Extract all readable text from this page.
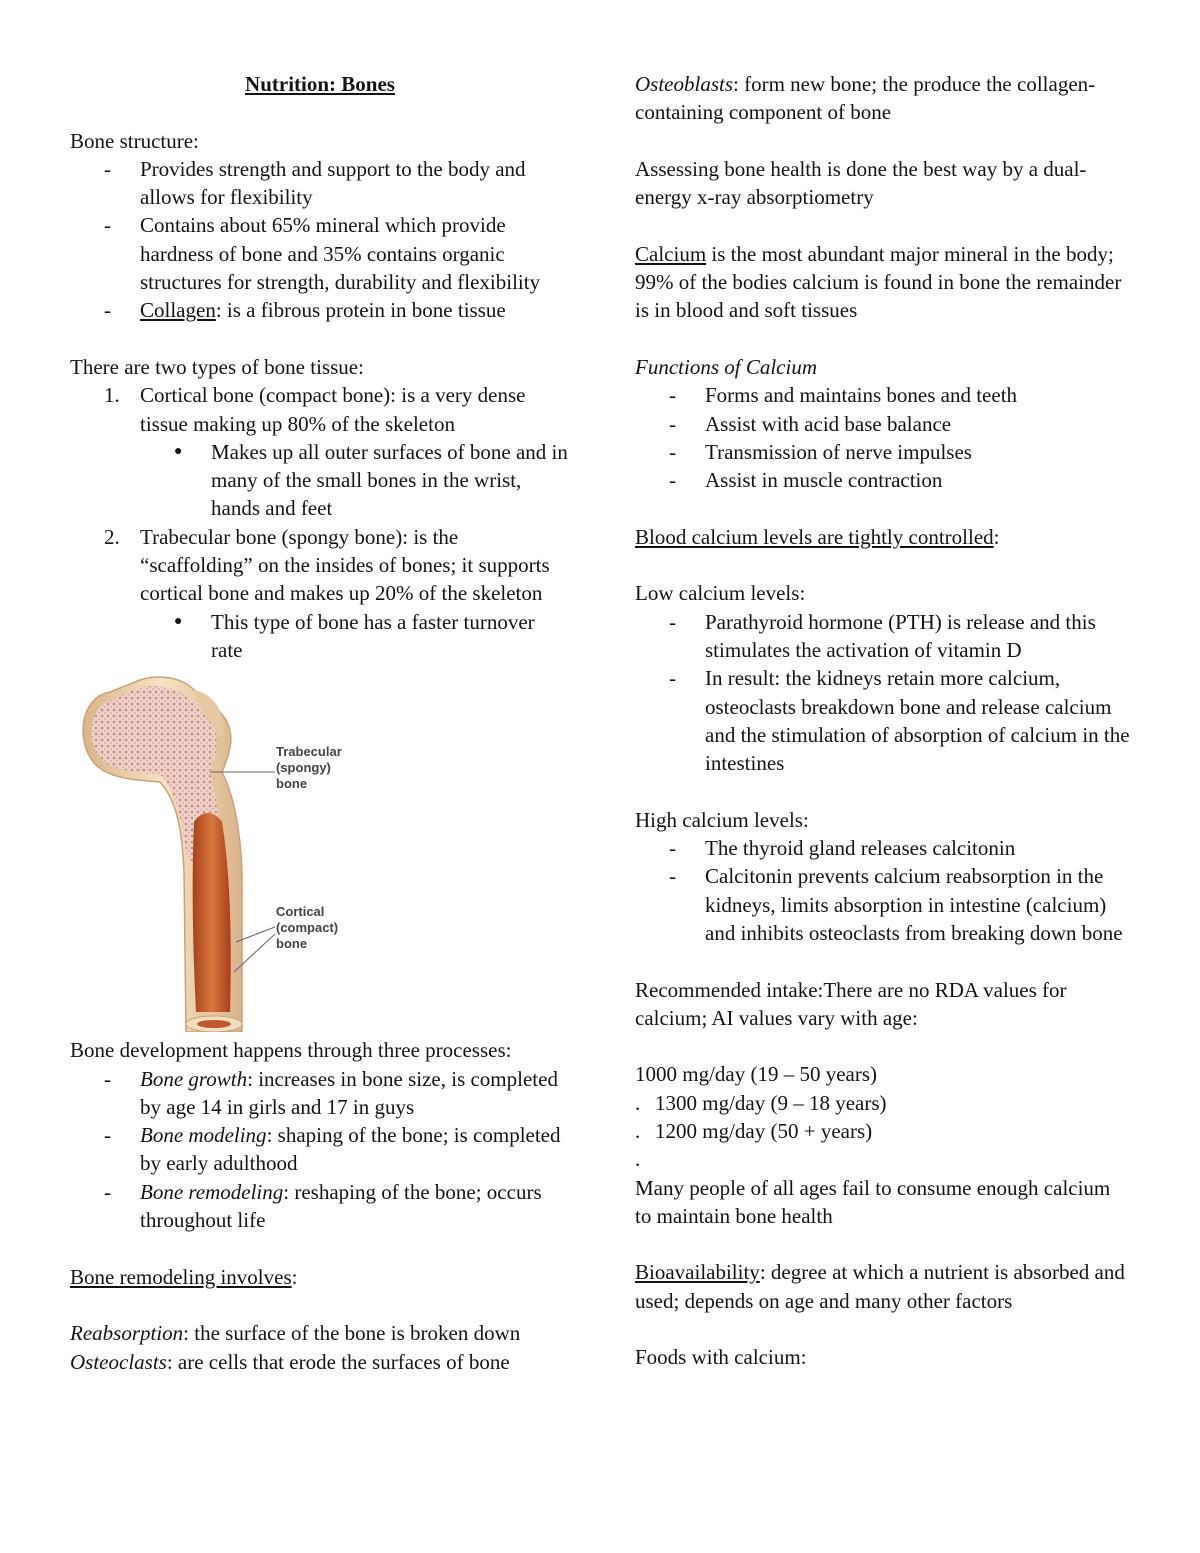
Nutrition: Bones

Bone structure:

- Provides strength and support to the body and allows for flexibility
- Contains about 65% mineral which provide hardness of bone and 35% contains organic structures for strength, durability and flexibility
- Collagen: is a fibrous protein in bone tissue

There are two types of bone tissue:

1. Cortical bone (compact bone): is a very dense tissue making up 80% of the skeleton
● Makes up all outer surfaces of bone and in many of the small bones in the wrist, hands and feet
2. Trabecular bone (spongy bone): is the “scaffolding” on the insides of bones; it supports cortical bone and makes up 20% of the skeleton
● This type of bone has a faster turnover rate
Trabecular
(spongy)
bone
Cortical
(compact)
bone

Bone development happens through three processes:

- Bone growth: increases in bone size, is completed by age 14 in girls and 17 in guys
- Bone modeling: shaping of the bone; is completed by early adulthood
- Bone remodeling: reshaping of the bone; occurs throughout life

Bone remodeling involves:

Reabsorption: the surface of the bone is broken down

Osteoclasts: are cells that erode the surfaces of bone

Osteoblasts: form new bone; the produce the collagen-containing component of bone

Assessing bone health is done the best way by a dual-energy x-ray absorptiometry

Calcium is the most abundant major mineral in the body; 99% of the bodies calcium is found in bone the remainder is in blood and soft tissues

Functions of Calcium

- Forms and maintains bones and teeth
- Assist with acid base balance
- Transmission of nerve impulses
- Assist in muscle contraction

Blood calcium levels are tightly controlled:

Low calcium levels:

- Parathyroid hormone (PTH) is release and this stimulates the activation of vitamin D
- In result: the kidneys retain more calcium, osteoclasts breakdown bone and release calcium and the stimulation of absorption of calcium in the intestines

High calcium levels:

- The thyroid gland releases calcitonin
- Calcitonin prevents calcium reabsorption in the kidneys, limits absorption in intestine (calcium) and inhibits osteoclasts from breaking down bone

Recommended intake:There are no RDA values for calcium; AI values vary with age:

1000 mg/day (19 – 50 years)

. 1300 mg/day (9 – 18 years)

. 1200 mg/day (50 + years)

.

Many people of all ages fail to consume enough calcium to maintain bone health

Bioavailability: degree at which a nutrient is absorbed and used; depends on age and many other factors

Foods with calcium:
